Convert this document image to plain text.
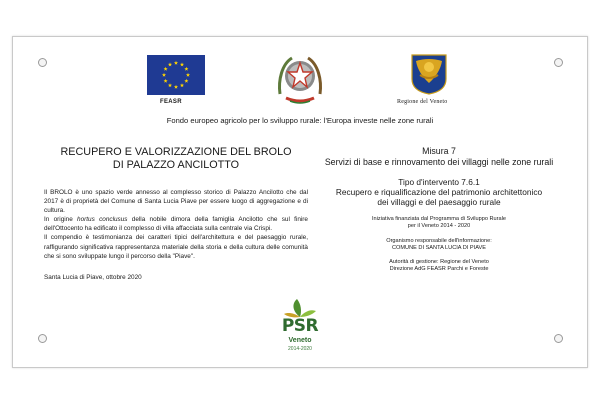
FEASR	Regione del Veneto
Fondo europeo agricolo per lo sviluppo rurale: l'Europa investe nelle zone rurali
RECUPERO E VALORIZZAZIONE DEL BROLO
DI PALAZZO ANCILOTTO

Il BROLO è uno spazio verde annesso al complesso storico di Palazzo Ancilotto che dal 2017 è di proprietà del Comune di Santa Lucia Piave per essere luogo di aggregazione e di cultura.
In origine hortus conclusus della nobile dimora della famiglia Ancilotto che sul finire dell'Ottocento ha edificato il complesso di villa affacciata sulla centrale via Crispi.
Il compendio è testimonianza dei caratteri tipici dell'architettura e del paesaggio rurale, raffigurando significativa rappresentanza materiale della storia e della cultura delle comunità che si sono sviluppate lungo il percorso della "Piave".

Santa Lucia di Piave, ottobre 2020
Misura 7
Servizi di base e rinnovamento dei villaggi nelle zone rurali
Tipo d'intervento 7.6.1
Recupero e riqualificazione del patrimonio architettonico
dei villaggi e del paesaggio rurale
Iniziativa finanziata dal Programma di Sviluppo Rurale
per il Veneto 2014 - 2020
Organismo responsabile dell'informazione:
COMUNE DI SANTA LUCIA DI PIAVE
Autorità di gestione: Regione del Veneto
Direzione AdG FEASR Parchi e Foreste
PSR
Veneto
2014-2020
